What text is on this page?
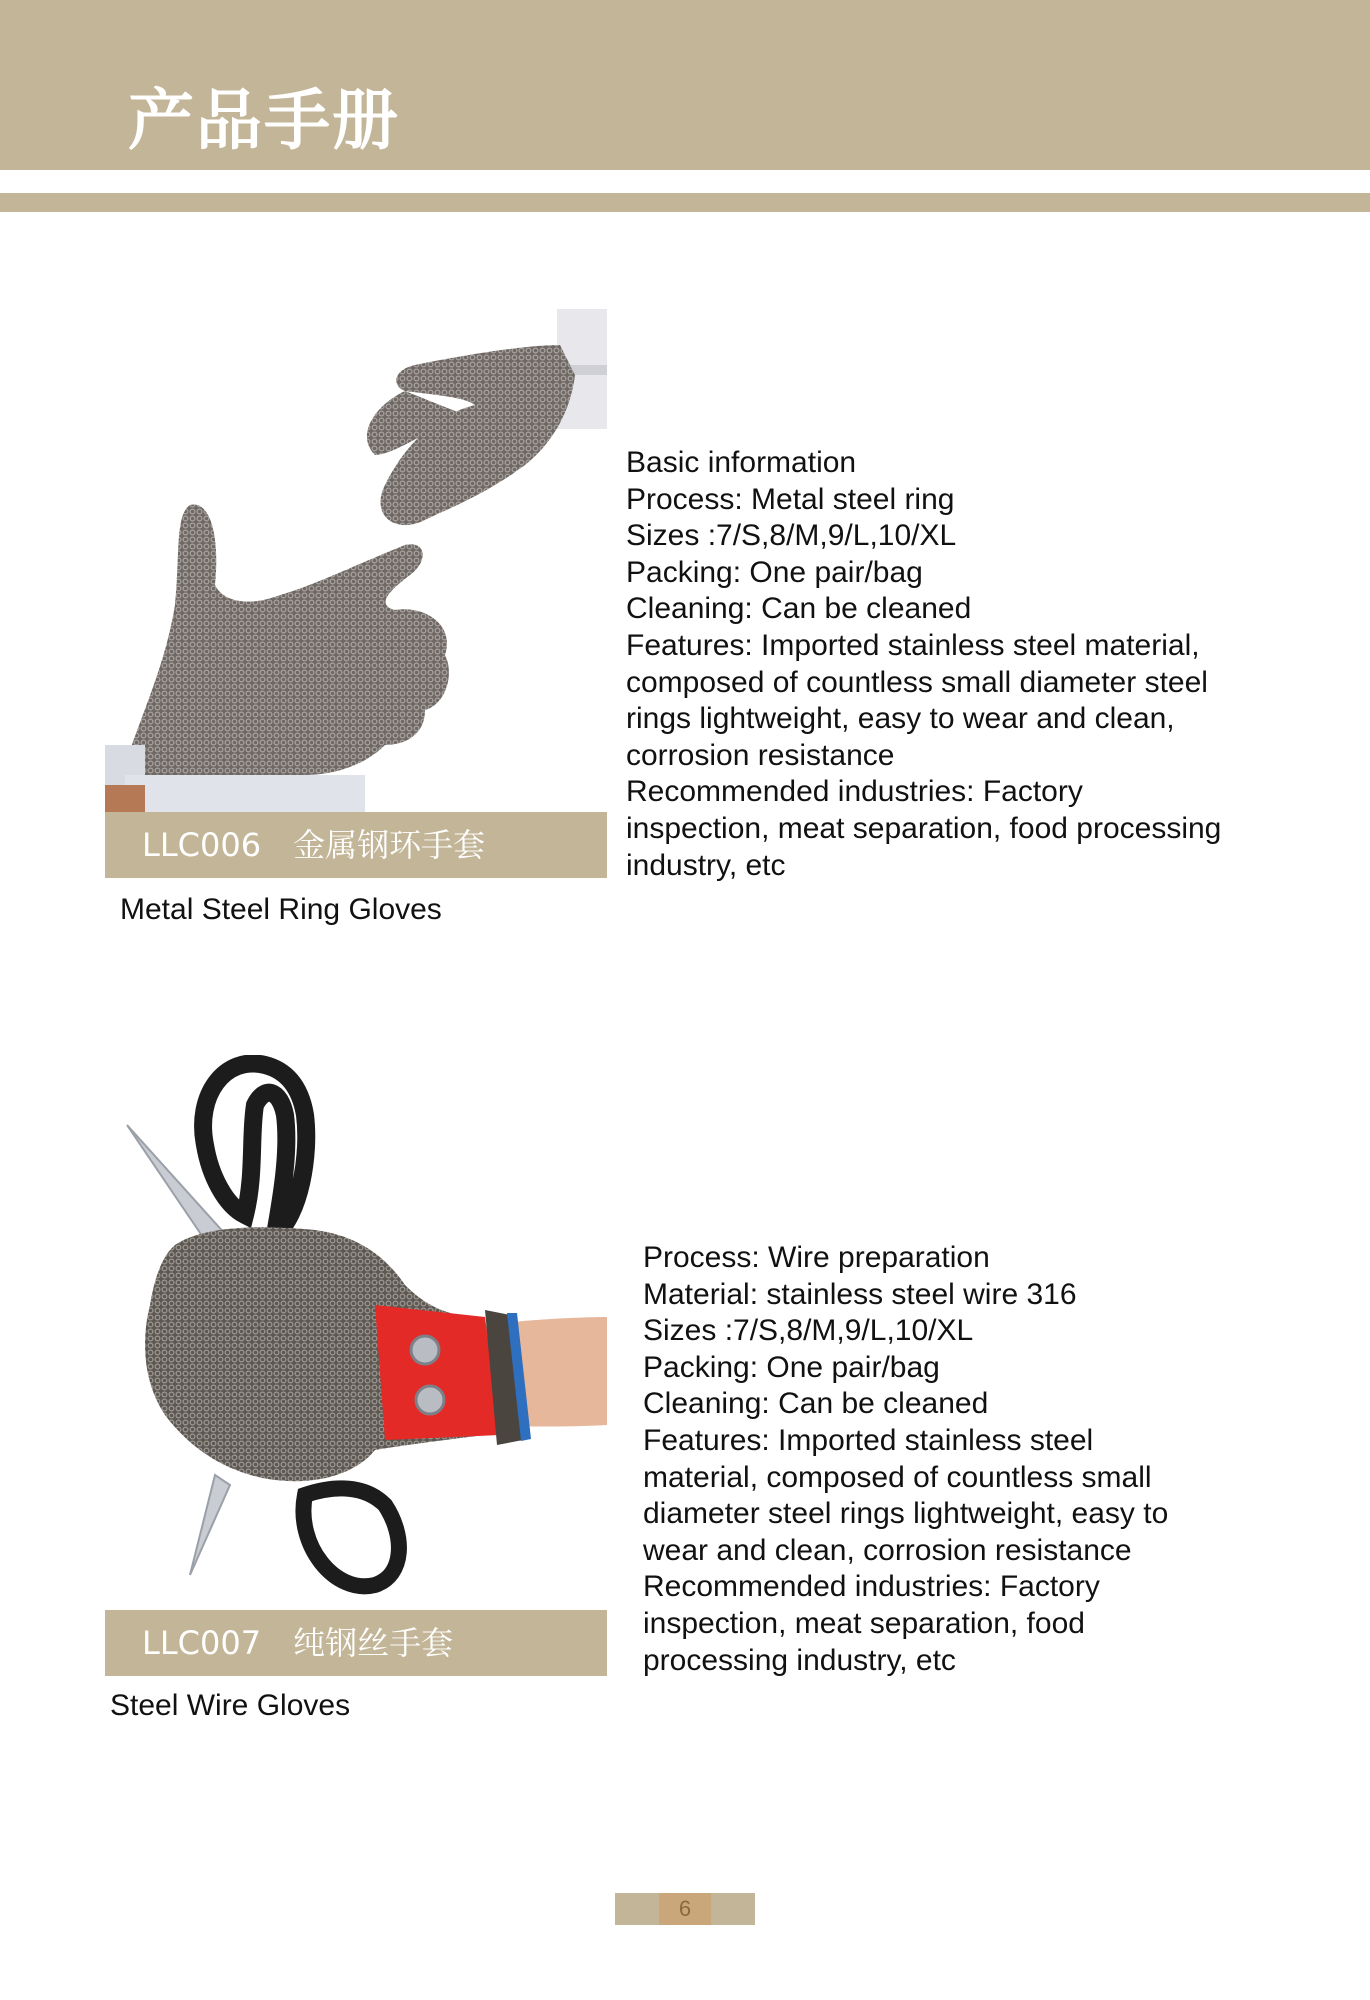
产品手册
LLC006 金属钢环手套
Metal Steel Ring Gloves
Basic information
Process: Metal steel ring
Sizes :7/S,8/M,9/L,10/XL
Packing: One pair/bag
Cleaning: Can be cleaned
Features: Imported stainless steel material,
composed of countless small diameter steel
rings lightweight, easy to wear and clean,
corrosion resistance
Recommended industries: Factory
inspection, meat separation, food processing
industry, etc
LLC007 纯钢丝手套
Steel Wire Gloves
Process: Wire preparation
Material: stainless steel wire 316
Sizes :7/S,8/M,9/L,10/XL
Packing: One pair/bag
Cleaning: Can be cleaned
Features: Imported stainless steel
material, composed of countless small
diameter steel rings lightweight, easy to
wear and clean, corrosion resistance
Recommended industries: Factory
inspection, meat separation, food
processing industry, etc
6
